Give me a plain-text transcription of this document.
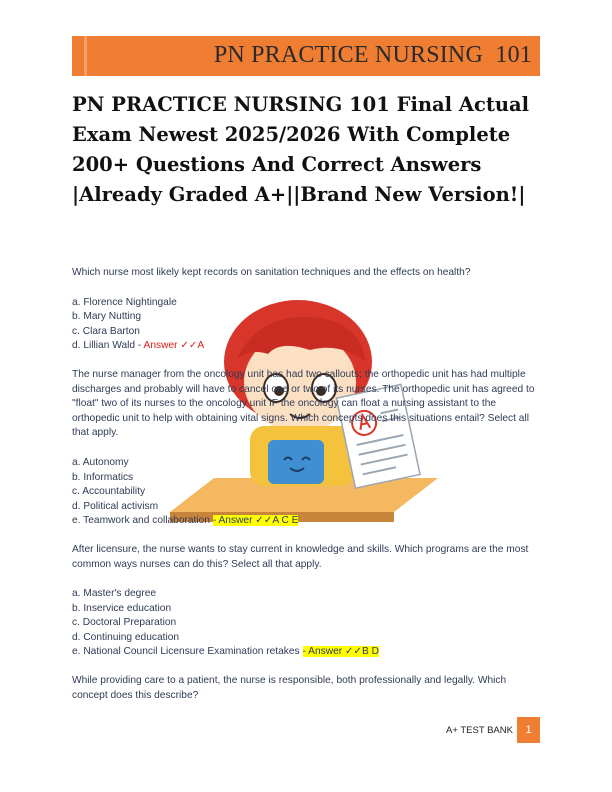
PN PRACTICE NURSING  101
PN PRACTICE NURSING 101 Final Actual Exam Newest 2025/2026 With Complete 200+ Questions And Correct Answers |Already Graded A+||Brand New Version!|

Which nurse most likely kept records on sanitation techniques and the effects on health?

a. Florence Nightingale

b. Mary Nutting

c. Clara Barton

d. Lillian Wald - Answer ✓✓A

The nurse manager from the oncology unit has had two callouts; the orthopedic unit has had multiple discharges and probably will have to cancel one or two of its nurses. The orthopedic unit has agreed to "float" two of its nurses to the oncology unit IF the oncology can float a nursing assistant to the orthopedic unit to help with obtaining vital signs. Which concepts does this situations entail? Select all that apply.

a. Autonomy

b. Informatics

c. Accountability

d. Political activism

e. Teamwork and collaboration - Answer ✓✓A C E

After licensure, the nurse wants to stay current in knowledge and skills. Which programs are the most common ways nurses can do this? Select all that apply.

a. Master's degree

b. Inservice education

c. Doctoral Preparation

d. Continuing education

e. National Council Licensure Examination retakes - Answer ✓✓B D

While providing care to a patient, the nurse is responsible, both professionally and legally. Which concept does this describe?

A+ TEST BANK	1
